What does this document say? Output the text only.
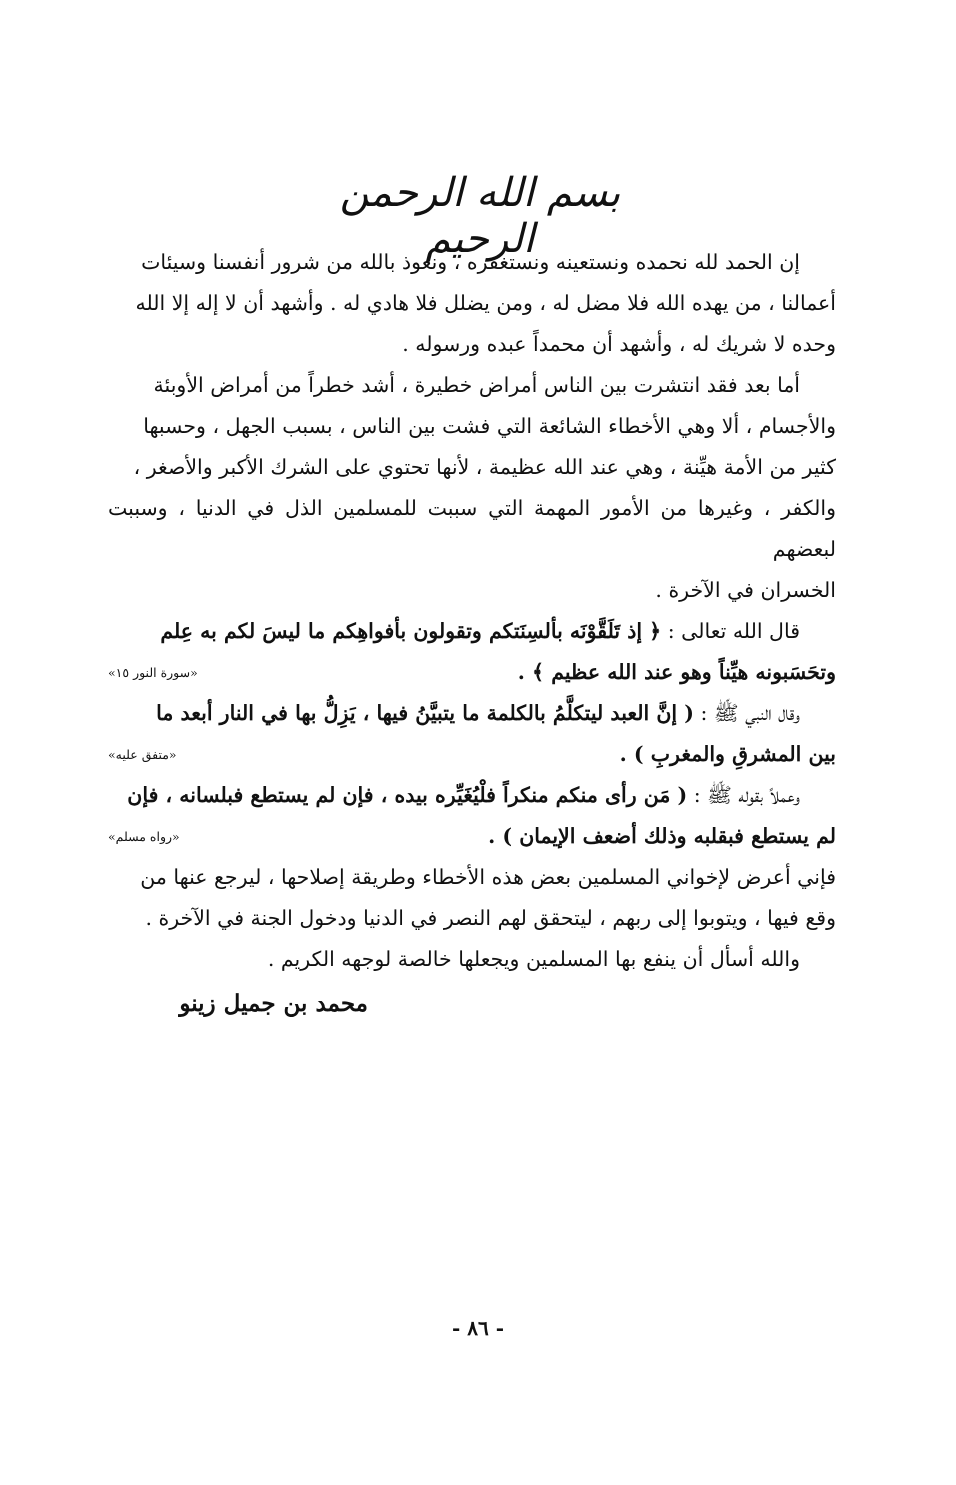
بسم الله الرحمن الرحيم

إن الحمد لله نحمده ونستعينه ونستغفره ، ونعوذ بالله من شرور أنفسنا وسيئات
أعمالنا ، من يهده الله فلا مضل له ، ومن يضلل فلا هادي له . وأشهد أن لا إله إلا الله
وحده لا شريك له ، وأشهد أن محمداً عبده ورسوله .

أما بعد فقد انتشرت بين الناس أمراض خطيرة ، أشد خطراً من أمراض الأوبئة
والأجسام ، ألا وهي الأخطاء الشائعة التي فشت بين الناس ، بسبب الجهل ، وحسبها
كثير من الأمة هيِّنة ، وهي عند الله عظيمة ، لأنها تحتوي على الشرك الأكبر والأصغر ،
والكفر ، وغيرها من الأمور المهمة التي سببت للمسلمين الذل في الدنيا ، وسببت لبعضهم
الخسران في الآخرة .

قال الله تعالى : ﴿ إذ تَلَقَّوْنَه بألسِنَتكم وتقولون بأفواهِكم ما ليسَ لكم به عِلم
وتحَسَبونه هيِّناً وهو عند الله عظيم ﴾ .
«سورة النور ١٥»

وقال النبي ﷺ : ( إنَّ العبد ليتكلَّمُ بالكلمة ما يتبيَّنُ فيها ، يَزِلُّ بها في النار أبعد ما
بين المشرقِ والمغربِ ) .
«متفق عليه»

وعملاً بقوله ﷺ : ( مَن رأى منكم منكراً فلْيُغَيِّره بيده ، فإن لم يستطع فبلسانه ، فإن
لم يستطع فبقلبه وذلك أضعف الإيمان ) .
«رواه مسلم»

فإني أعرض لإخواني المسلمين بعض هذه الأخطاء وطريقة إصلاحها ، ليرجع عنها من
وقع فيها ، ويتوبوا إلى ربهم ، ليتحقق لهم النصر في الدنيا ودخول الجنة في الآخرة .
والله أسأل أن ينفع بها المسلمين ويجعلها خالصة لوجهه الكريم .

محمد بن جميل زينو
- ٨٦ -
